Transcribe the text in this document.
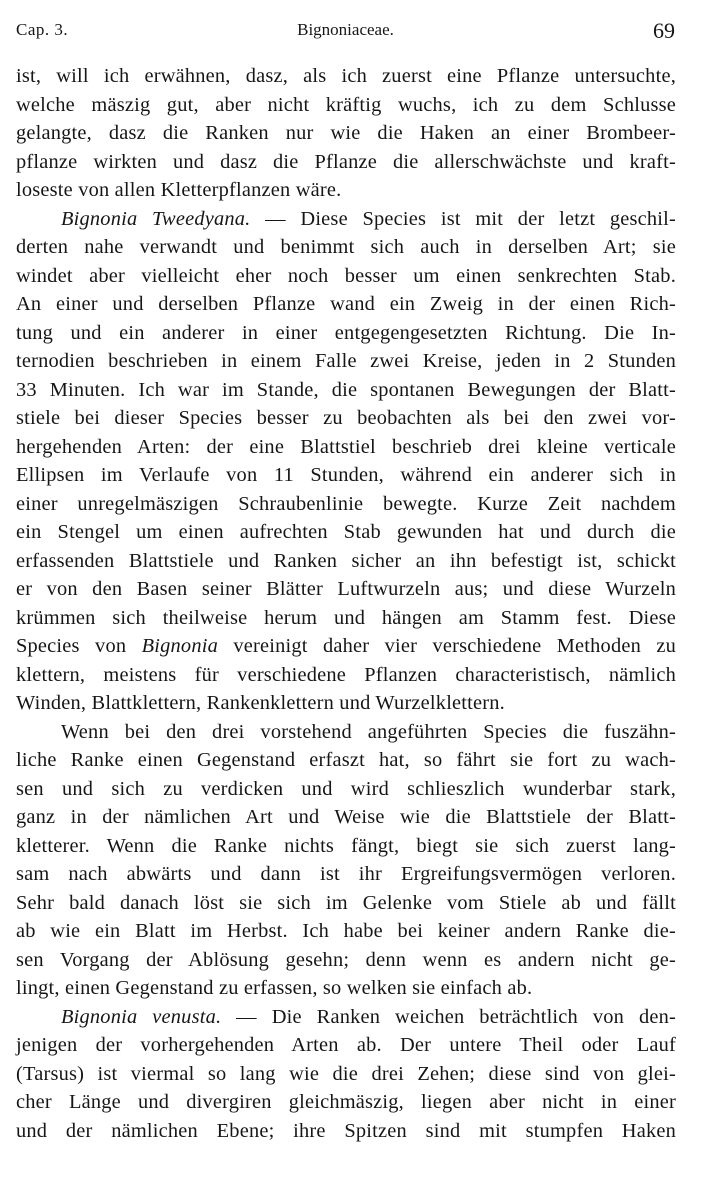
Cap. 3.	Bignoniaceae.	69
ist, will ich erwähnen, dasz, als ich zuerst eine Pflanze untersuchte,
welche mäszig gut, aber nicht kräftig wuchs, ich zu dem Schlusse
gelangte, dasz die Ranken nur wie die Haken an einer Brombeer-
pflanze wirkten und dasz die Pflanze die allerschwächste und kraft-
loseste von allen Kletterpflanzen wäre.
Bignonia Tweedyana. — Diese Species ist mit der letzt geschil-
derten nahe verwandt und benimmt sich auch in derselben Art; sie
windet aber vielleicht eher noch besser um einen senkrechten Stab.
An einer und derselben Pflanze wand ein Zweig in der einen Rich-
tung und ein anderer in einer entgegengesetzten Richtung. Die In-
ternodien beschrieben in einem Falle zwei Kreise, jeden in 2 Stunden
33 Minuten. Ich war im Stande, die spontanen Bewegungen der Blatt-
stiele bei dieser Species besser zu beobachten als bei den zwei vor-
hergehenden Arten: der eine Blattstiel beschrieb drei kleine verticale
Ellipsen im Verlaufe von 11 Stunden, während ein anderer sich in
einer unregelmäszigen Schraubenlinie bewegte. Kurze Zeit nachdem
ein Stengel um einen aufrechten Stab gewunden hat und durch die
erfassenden Blattstiele und Ranken sicher an ihn befestigt ist, schickt
er von den Basen seiner Blätter Luftwurzeln aus; und diese Wurzeln
krümmen sich theilweise herum und hängen am Stamm fest. Diese
Species von Bignonia vereinigt daher vier verschiedene Methoden zu
klettern, meistens für verschiedene Pflanzen characteristisch, nämlich
Winden, Blattklettern, Rankenklettern und Wurzelklettern.
Wenn bei den drei vorstehend angeführten Species die fuszähn-
liche Ranke einen Gegenstand erfaszt hat, so fährt sie fort zu wach-
sen und sich zu verdicken und wird schlieszlich wunderbar stark,
ganz in der nämlichen Art und Weise wie die Blattstiele der Blatt-
kletterer. Wenn die Ranke nichts fängt, biegt sie sich zuerst lang-
sam nach abwärts und dann ist ihr Ergreifungsvermögen verloren.
Sehr bald danach löst sie sich im Gelenke vom Stiele ab und fällt
ab wie ein Blatt im Herbst. Ich habe bei keiner andern Ranke die-
sen Vorgang der Ablösung gesehn; denn wenn es andern nicht ge-
lingt, einen Gegenstand zu erfassen, so welken sie einfach ab.
Bignonia venusta. — Die Ranken weichen beträchtlich von den-
jenigen der vorhergehenden Arten ab. Der untere Theil oder Lauf
(Tarsus) ist viermal so lang wie die drei Zehen; diese sind von glei-
cher Länge und divergiren gleichmäszig, liegen aber nicht in einer
und der nämlichen Ebene; ihre Spitzen sind mit stumpfen Haken
